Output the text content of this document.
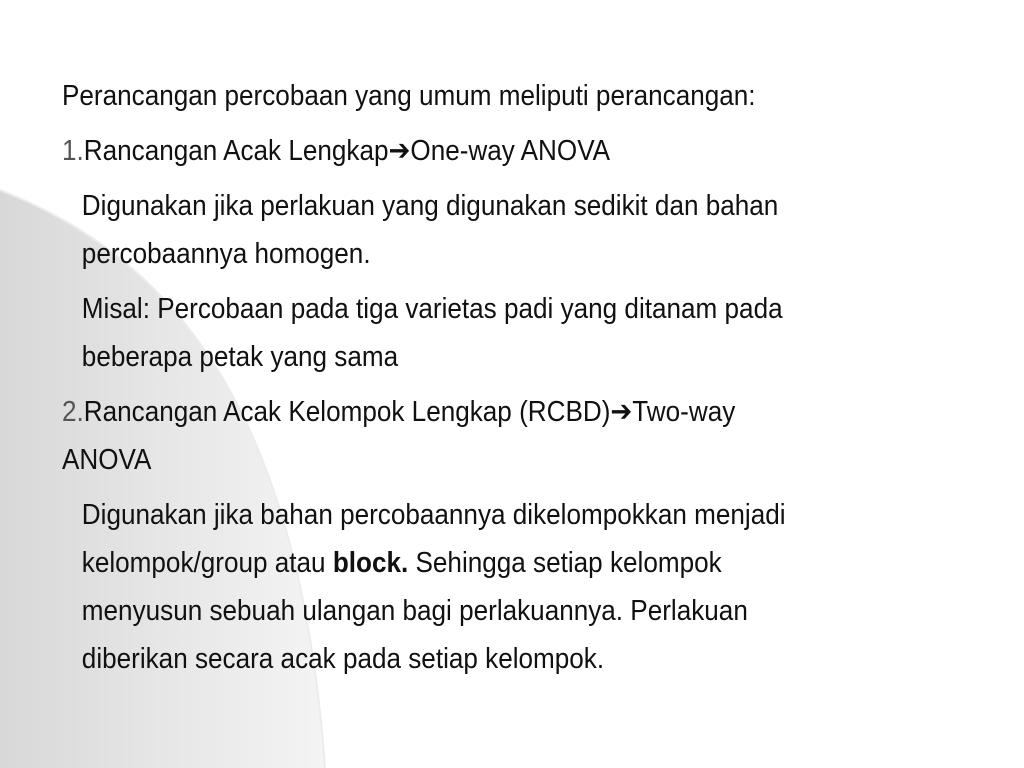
Perancangan percobaan yang umum meliputi perancangan:
1.Rancangan Acak Lengkap➔One-way ANOVA
Digunakan jika perlakuan yang digunakan sedikit dan bahan
percobaannya homogen.
Misal: Percobaan pada tiga varietas padi yang ditanam pada
beberapa petak yang sama
2.Rancangan Acak Kelompok Lengkap (RCBD)➔Two-way
ANOVA
Digunakan jika bahan percobaannya dikelompokkan menjadi
kelompok/group atau block. Sehingga setiap kelompok
menyusun sebuah ulangan bagi perlakuannya. Perlakuan
diberikan secara acak pada setiap kelompok.
